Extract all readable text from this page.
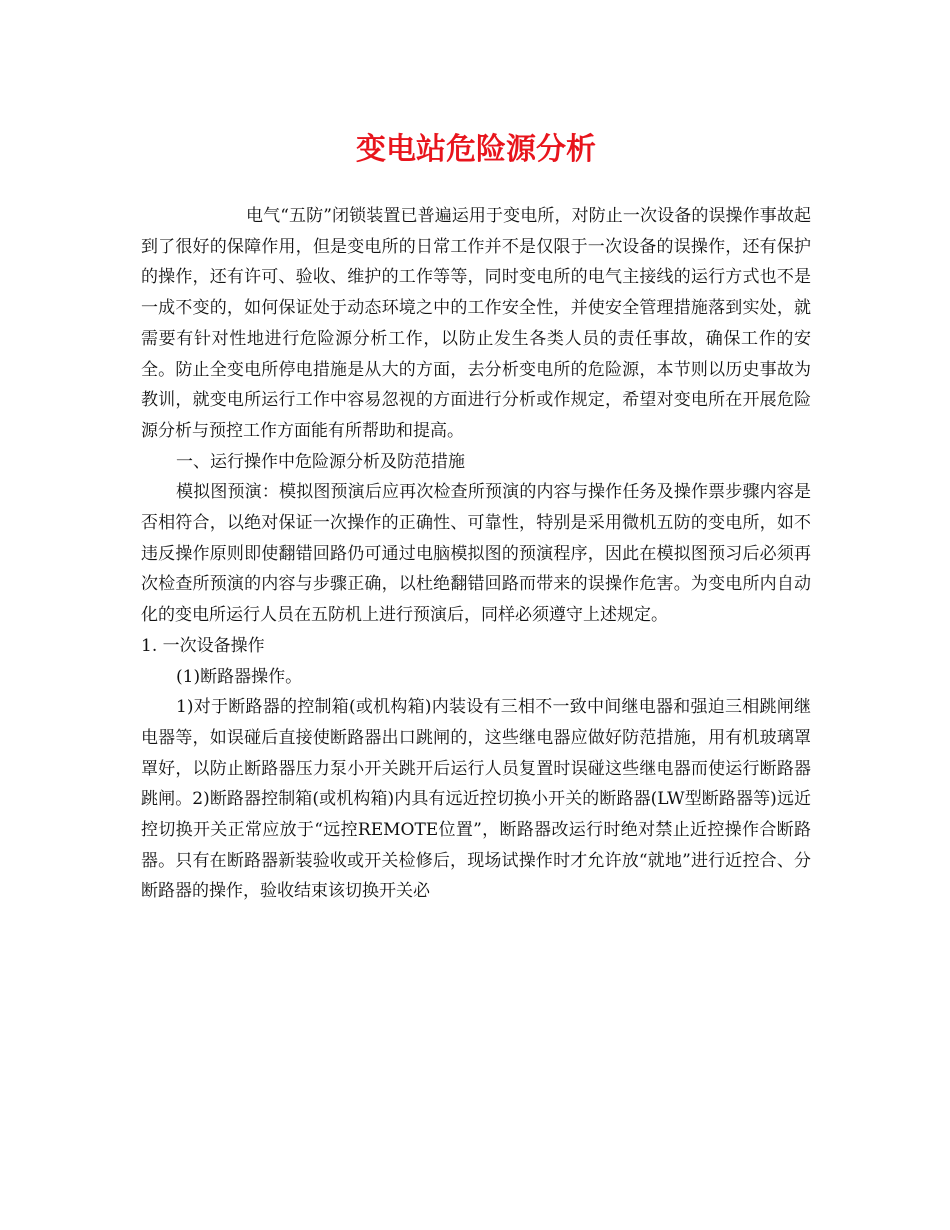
变电站危险源分析

电气“五防”闭锁装置已普遍运用于变电所，对防止一次设备的误操作事故起到了很好的保障作用，但是变电所的日常工作并不是仅限于一次设备的误操作，还有保护的操作，还有许可、验收、维护的工作等等，同时变电所的电气主接线的运行方式也不是一成不变的，如何保证处于动态环境之中的工作安全性，并使安全管理措施落到实处，就需要有针对性地进行危险源分析工作，以防止发生各类人员的责任事故，确保工作的安全。防止全变电所停电措施是从大的方面，去分析变电所的危险源，本节则以历史事故为教训，就变电所运行工作中容易忽视的方面进行分析或作规定，希望对变电所在开展危险源分析与预控工作方面能有所帮助和提高。

一、运行操作中危险源分析及防范措施

模拟图预演：模拟图预演后应再次检查所预演的内容与操作任务及操作票步骤内容是否相符合，以绝对保证一次操作的正确性、可靠性，特别是采用微机五防的变电所，如不违反操作原则即使翻错回路仍可通过电脑模拟图的预演程序，因此在模拟图预习后必须再次检查所预演的内容与步骤正确，以杜绝翻错回路而带来的误操作危害。为变电所内自动化的变电所运行人员在五防机上进行预演后，同样必须遵守上述规定。

1. 一次设备操作

(1)断路器操作。

1)对于断路器的控制箱(或机构箱)内装设有三相不一致中间继电器和强迫三相跳闸继电器等，如误碰后直接使断路器出口跳闸的，这些继电器应做好防范措施，用有机玻璃罩罩好，以防止断路器压力泵小开关跳开后运行人员复置时误碰这些继电器而使运行断路器跳闸。2)断路器控制箱(或机构箱)内具有远近控切换小开关的断路器(LW型断路器等)远近控切换开关正常应放于“远控REMOTE位置”，断路器改运行时绝对禁止近控操作合断路器。只有在断路器新装验收或开关检修后，现场试操作时才允许放“就地”进行近控合、分断路器的操作，验收结束该切换开关必
